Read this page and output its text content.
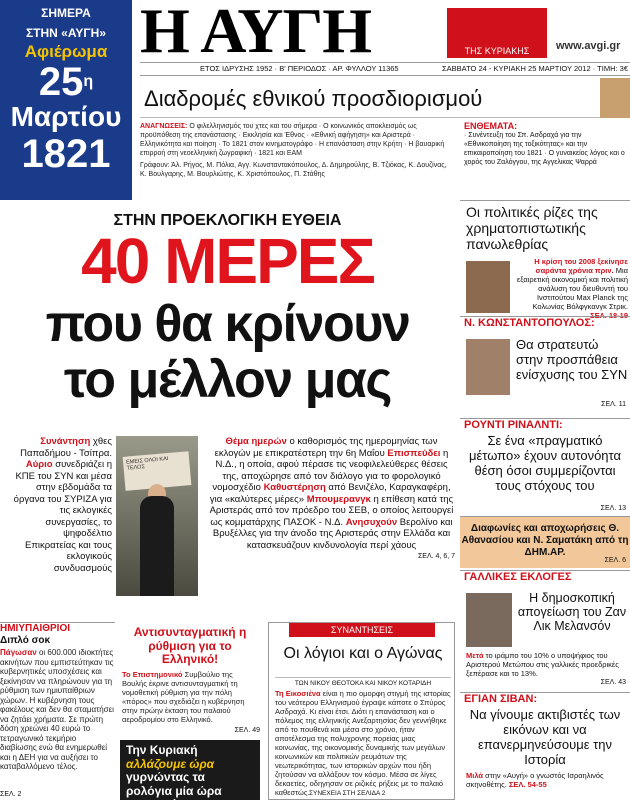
ΣΗΜΕΡΑ
ΣΤΗΝ «ΑΥΓΗ»
Αφιέρωμα
$25^\eta$
Μαρτίου
1821
Η ΑΥΓΗ	ΤΗΣ ΚΥΡΙΑΚΗΣ	www.avgi.gr
ΕΤΟΣ ΙΔΡΥΣΗΣ 1952 · Β' ΠΕΡΙΟΔΟΣ · ΑΡ. ΦΥΛΛΟΥ 11365	ΣΑΒΒΑΤΟ 24 - ΚΥΡΙΑΚΗ 25 ΜΑΡΤΙΟΥ 2012 · ΤΙΜΗ: 3€
Διαδρομές εθνικού προσδιορισμού
ΑΝΑΓΝΩΣΕΙΣ: Ο φιλελληνισμός του χτες και του σήμερα · Ο κοινωνικός αποκλεισμός ως προϋπόθεση της επανάστασης · Εκκλησία και Έθνος · «Εθνική αφήγηση» και Αριστερά · Ελληνικότητα και ποίηση · Το 1821 στον κινηματογράφο · Η επανάσταση στην Κρήτη · Η βαυαρική επιρροή στη νεοελληνική ζωγραφική · 1821 και ΕΑΜ
Γράφουν: Άλ. Ρήγος, Μ. Πόλια, Αγγ. Κωνσταντακόπουλος, Δ. Δημηρούλης, Β. Τζιόκας, Κ. Δουζίνας, Κ. Βουλγαρης, Μ. Βουρλιώτης, Κ. Χριστόπουλος, Π. Στάθης
ΕΝΘΕΜΑΤΑ:
· Συνέντευξη του Σπ. Ασδραχά για την «Εθνικοποίηση της τοξικότητας» και την επικαιροποίηση του 1821 · Ο γυναικείος λόγος και ο χορός του Ζαλόγγου, της Αγγελικας Ψαρρά
ΣΤΗΝ ΠΡΟΕΚΛΟΓΙΚΗ ΕΥΘΕΙΑ
40 ΜΕΡΕΣ
που θα κρίνουν
το μέλλον μας
Συνάντηση χθες Παπαδήμου - Τσίπρα. Αύριο συνεδριάζει η ΚΠΕ του ΣΥΝ και μέσα στην εβδομάδα τα όργανα του ΣΥΡΙΖΑ για τις εκλογικές συνεργασίες, το ψηφοδέλτιο Επικρατείας και τους εκλογικούς συνδυασμούς
ΕΜΕΙΣ ΟΛΟΙ ΚΑΙ ΤΕΛΟΣ
Θέμα ημερών ο καθορισμός της ημερομηνίας των εκλογών με επικρατέστερη την 6η Μαΐου Επισπεύδει η Ν.Δ., η οποία, αφού πέρασε τις νεοφιλελεύθερες θέσεις της, αποχώρησε από τον διάλογο για το φορολογικό νομοσχέδιο Καθυστέρηση από Βενιζέλο, Καραγκαφέρη, για «καλύτερες μέρες» Μπουμερανγκ η επίθεση κατά της Αριστεράς από τον πρόεδρο του ΣΕΒ, ο οποίος λειτουργεί ως κομματάρχης ΠΑΣΟΚ - Ν.Δ. Ανησυχούν Βερολίνο και Βρυξέλλες για την άνοδο της Αριστεράς στην Ελλάδα και κατασκευάζουν κινδυνολογία περί χάους
ΣΕΛ. 4, 6, 7
Οι πολιτικές ρίζες της χρηματοπιστωτικής πανωλεθρίας
Η κρίση του 2008 ξεκίνησε σαράντα χρόνια πριν. Μια εξαιρετική οικονομική και πολιτική ανάλυση του διευθυντή του Ινστιτούτου Max Planck της Κολωνίας Βόλφγκανγκ Στρικ. ΣΕΛ. 18-19
Ν. ΚΩΝΣΤΑΝΤΟΠΟΥΛΟΣ:
Θα στρατευτώ στην προσπάθεια ενίσχυσης του ΣΥΝ
ΣΕΛ. 11
ΡΟΥΝΤΙ ΡΙΝΑΛΝΤΙ:
Σε ένα «πραγματικό μέτωπο» έχουν αυτονόητα θέση όσοι συμμερίζονται τους στόχους του
ΣΕΛ. 13
Διαφωνίες και αποχωρήσεις Θ. Αθανασίου και Ν. Σαματάκη από τη ΔΗΜ.ΑΡ.
ΣΕΛ. 6
ΓΑΛΛΙΚΕΣ ΕΚΛΟΓΕΣ
Η δημοσκοπική απογείωση του Ζαν Λικ Μελανσόν
Μετά το ιράμπο του 10% ο υποψήφιος του Αριστερού Μετώπου στις γαλλικές προεδρικές ξεπέρασε και το 13%.
ΣΕΛ. 43
ΕΓΙΑΝ ΣΙΒΑΝ:
Να γίνουμε ακτιβιστές των εικόνων και να επανερμηνεύσουμε την Ιστορία
Μιλά στην «Αυγή» ο γνωστός Ισραηλινός σκηνοθέτης. ΣΕΛ. 54-55
ΗΜΙΥΠΑΙΘΡΙΟΙ
Διπλό σοκ
Πάγωσαν οι 600.000 ιδιοκτήτες ακινήτων που εμπιστεύτηκαν τις κυβερνητικές υποσχέσεις και ξεκίνησαν να πληρώνουν για τη ρύθμιση των ημιυπαίθριων χώρων. Η κυβέρνηση τους φακέλους και δεν θα σταματήσει να ζητάει χρήματα. Σε πρώτη δόση χρεώνει 40 ευρώ το τετραγωνικό τεκμήριο διαβίωσης ενώ θα ενημερωθεί και η ΔΕΗ για να αυξήσει το καταβαλλόμενο τέλος.
ΣΕΛ. 2
Αντισυνταγματική η ρύθμιση για το Ελληνικό!
Το Επιστημονικό Συμβούλιο της Βουλής έκρινε αντισυνταγματική τη νομοθετική ρύθμιση για την πόλη «πόρος» που σχεδιάζει η κυβέρνηση στην πρώην έκταση του παλαιού αεροδρομίου στο Ελληνικό.
ΣΕΛ. 49
Την Κυριακή αλλάζουμε ώρα γυρνώντας τα ρολόγια μία ώρα μπροστά
ΣΥΝΑΝΤΗΣΕΙΣ
Οι λόγιοι και ο Αγώνας
ΤΩΝ ΝΙΚΟΥ ΘΕΟΤΟΚΑ ΚΑΙ ΝΙΚΟΥ ΚΟΤΑΡΙΔΗ
Τη Εικοσιένα είναι η πιο ομορφη στιγμή της ιστορίας του νεότερου Ελληνισμού έγραψε κάποτε ο Σπύρος Ασδραχά. Κι είναι έτσι. Διότι η επανάσταση και ο πόλεμος της ελληνικής Ανεξαρτησίας δεν γεννήθηκε από το πουθενά και μέσα στο χρόνο, ήταν αποτέλεσμα της πολυχρονης πορείας μιας κοινωνίας, της οικονομικής δυναμικής των μεγάλων κοινωνικών και πολιτικών ρευμάτων της νεωτερικότητας, των ιστορικών αρχών που ήδη ζητούσαν να αλλάξουν τον κόσμο. Μέσα σε λίγες δεκαετίες, οδηγησαν σε ριζικές ρήξεις με το παλαιό καθεστώς. ΣΥΝΕΧΕΙΑ ΣΤΗ ΣΕΛΙΔΑ 2
